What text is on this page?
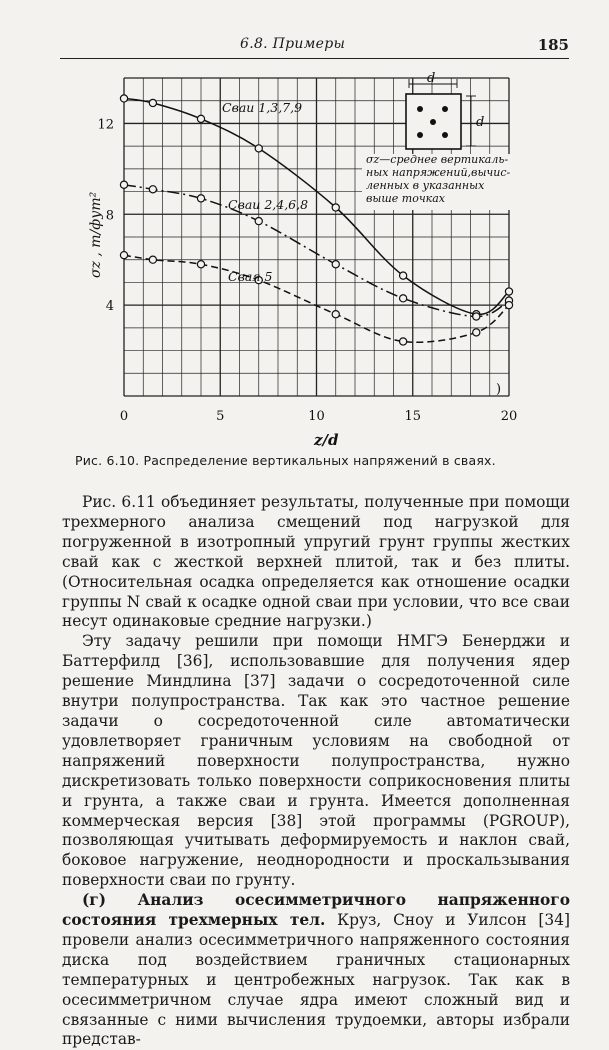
6.8. Примеры	185
0	5	10	15	20
4
8
12
Сваи 1,3,7,9
Сваи 2,4,6,8
Свая 5
d
d
σz—среднее вертикаль-ных напряжений,вычис-ленных в указанных выше точках
z/d
σz , т/фут²
)
Рис. 6.10. Распределение вертикальных напряжений в сваях.

Рис. 6.11 объединяет результаты, полученные при помощи трехмерного анализа смещений под нагрузкой для погруженной в изотропный упругий грунт группы жестких свай как с жесткой верхней плитой, так и без плиты. (Относительная осадка определяется как отношение осадки группы N свай к осадке одной сваи при условии, что все сваи несут одинаковые средние нагрузки.)

Эту задачу решили при помощи НМГЭ Бенерджи и Баттерфилд [36], использовавшие для получения ядер решение Миндлина [37] задачи о сосредоточенной силе внутри полупространства. Так как это частное решение задачи о сосредоточенной силе автоматически удовлетворяет граничным условиям на свободной от напряжений поверхности полупространства, нужно дискретизовать только поверхности соприкосновения плиты и грунта, а также сваи и грунта. Имеется дополненная коммерческая версия [38] этой программы (PGROUP), позволяющая учитывать деформируемость и наклон свай, боковое нагружение, неоднородности и проскальзывания поверхности сваи по грунту.

(г) Анализ осесимметричного напряженного состояния трехмерных тел. Круз, Сноу и Уилсон [34] провели анализ осесимметричного напряженного состояния диска под воздействием граничных стационарных температурных и центробежных нагрузок. Так как в осесимметричном случае ядра имеют сложный вид и связанные с ними вычисления трудоемки, авторы избрали представ-
